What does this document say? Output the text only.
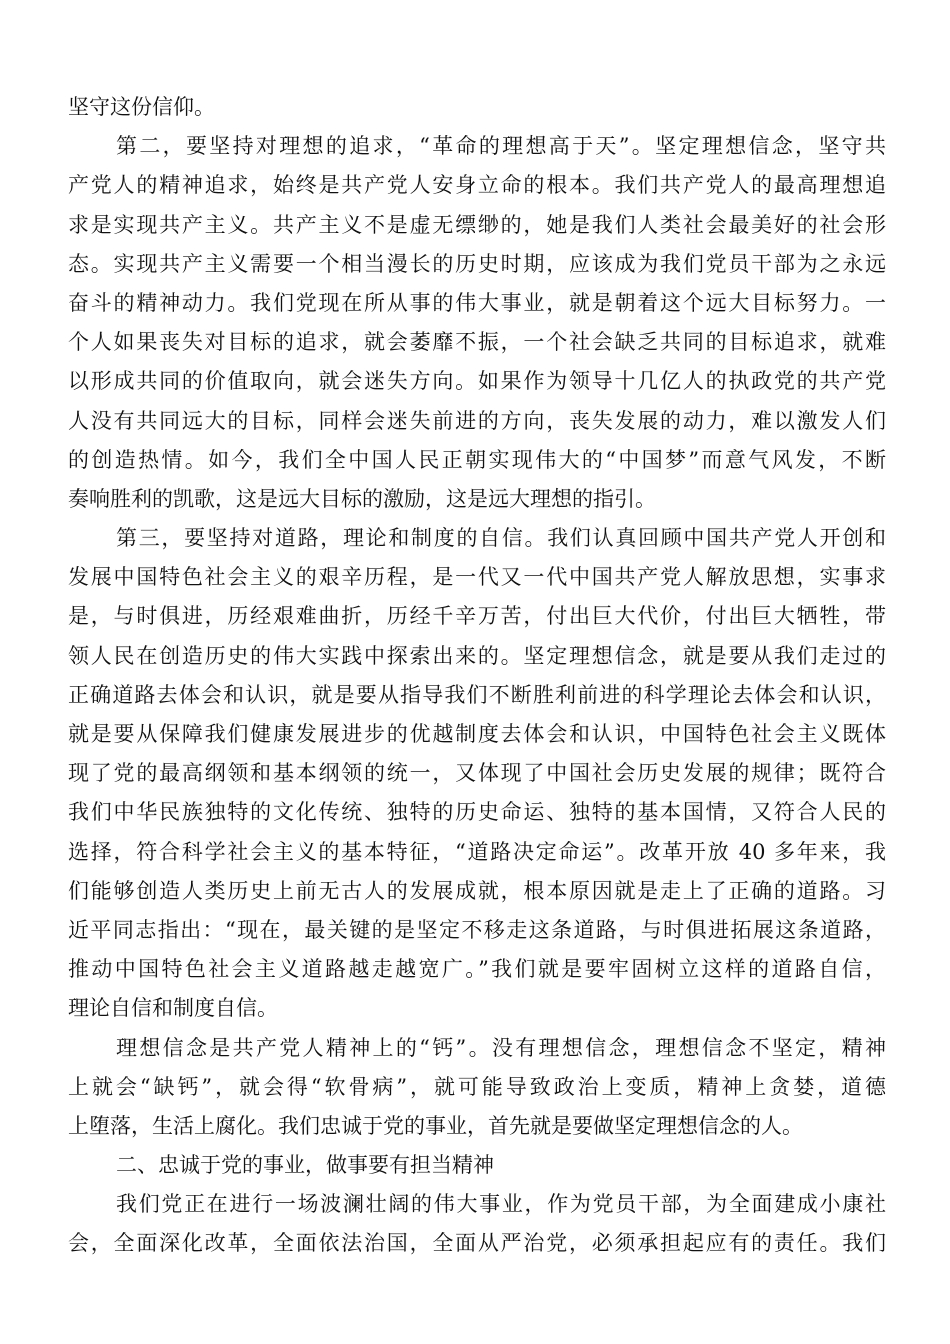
坚守这份信仰。
第二，要坚持对理想的追求，“革命的理想高于天”。坚定理想信念，坚守共
产党人的精神追求，始终是共产党人安身立命的根本。我们共产党人的最高理想追
求是实现共产主义。共产主义不是虚无缥缈的，她是我们人类社会最美好的社会形
态。实现共产主义需要一个相当漫长的历史时期，应该成为我们党员干部为之永远
奋斗的精神动力。我们党现在所从事的伟大事业，就是朝着这个远大目标努力。一
个人如果丧失对目标的追求，就会萎靡不振，一个社会缺乏共同的目标追求，就难
以形成共同的价值取向，就会迷失方向。如果作为领导十几亿人的执政党的共产党
人没有共同远大的目标，同样会迷失前进的方向，丧失发展的动力，难以激发人们
的创造热情。如今，我们全中国人民正朝实现伟大的“中国梦”而意气风发，不断
奏响胜利的凯歌，这是远大目标的激励，这是远大理想的指引。
第三，要坚持对道路，理论和制度的自信。我们认真回顾中国共产党人开创和
发展中国特色社会主义的艰辛历程，是一代又一代中国共产党人解放思想，实事求
是，与时俱进，历经艰难曲折，历经千辛万苦，付出巨大代价，付出巨大牺牲，带
领人民在创造历史的伟大实践中探索出来的。坚定理想信念，就是要从我们走过的
正确道路去体会和认识，就是要从指导我们不断胜利前进的科学理论去体会和认识，
就是要从保障我们健康发展进步的优越制度去体会和认识，中国特色社会主义既体
现了党的最高纲领和基本纲领的统一，又体现了中国社会历史发展的规律；既符合
我们中华民族独特的文化传统、独特的历史命运、独特的基本国情，又符合人民的
选择，符合科学社会主义的基本特征，“道路决定命运”。改革开放 40 多年来，我
们能够创造人类历史上前无古人的发展成就，根本原因就是走上了正确的道路。习
近平同志指出：“现在，最关键的是坚定不移走这条道路，与时俱进拓展这条道路，
推动中国特色社会主义道路越走越宽广。”我们就是要牢固树立这样的道路自信，
理论自信和制度自信。
理想信念是共产党人精神上的“钙”。没有理想信念，理想信念不坚定，精神
上就会“缺钙”，就会得“软骨病”，就可能导致政治上变质，精神上贪婪，道德
上堕落，生活上腐化。我们忠诚于党的事业，首先就是要做坚定理想信念的人。
二、忠诚于党的事业，做事要有担当精神
我们党正在进行一场波澜壮阔的伟大事业，作为党员干部，为全面建成小康社
会，全面深化改革，全面依法治国，全面从严治党，必须承担起应有的责任。我们
